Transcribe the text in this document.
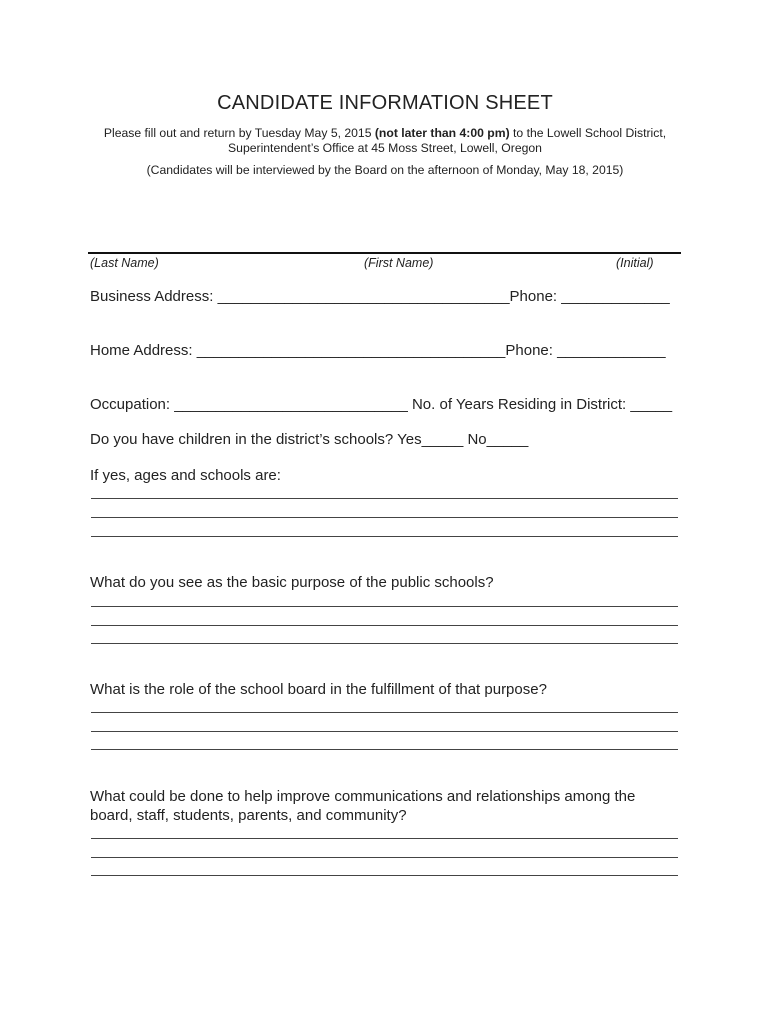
CANDIDATE INFORMATION SHEET
Please fill out and return by Tuesday May 5, 2015 (not later than 4:00 pm) to the Lowell School District,
Superintendent’s Office at 45 Moss Street, Lowell, Oregon
(Candidates will be interviewed by the Board on the afternoon of Monday, May 18, 2015)
(Last Name)	(First Name)	(Initial)
Business Address: ___________________________________Phone: _____________
Home Address: _____________________________________Phone: _____________
Occupation: ____________________________ No. of Years Residing in District: _____
Do you have children in the district’s schools? Yes_____ No_____
If yes, ages and schools are:
What do you see as the basic purpose of the public schools?
What is the role of the school board in the fulfillment of that purpose?
What could be done to help improve communications and relationships among the board, staff, students, parents, and community?
